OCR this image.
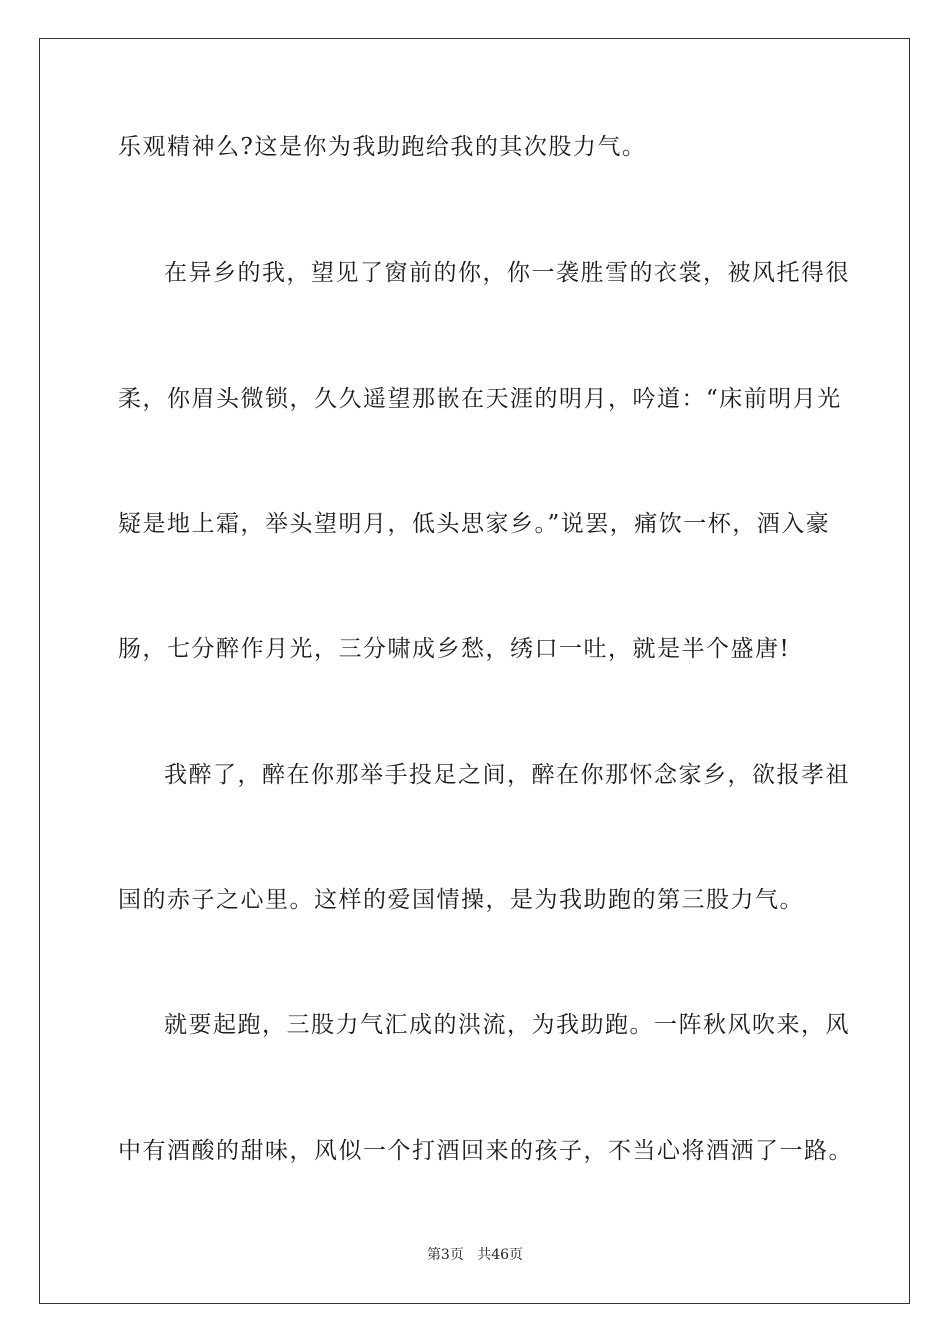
乐观精神么?这是你为我助跑给我的其次股力气。
在异乡的我，望见了窗前的你，你一袭胜雪的衣裳，被风托得很
柔，你眉头微锁，久久遥望那嵌在天涯的明月，吟道：“床前明月光
疑是地上霜，举头望明月，低头思家乡。”说罢，痛饮一杯，酒入豪
肠，七分醉作月光，三分啸成乡愁，绣口一吐，就是半个盛唐!
我醉了，醉在你那举手投足之间，醉在你那怀念家乡，欲报孝祖
国的赤子之心里。这样的爱国情操，是为我助跑的第三股力气。
就要起跑，三股力气汇成的洪流，为我助跑。一阵秋风吹来，风
中有酒酸的甜味，风似一个打酒回来的孩子，不当心将酒洒了一路。
第3页 共46页
